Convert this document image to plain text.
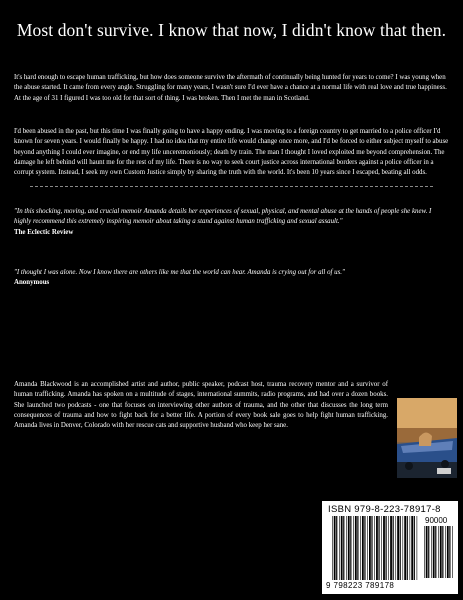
Most don't survive. I know that now, I didn't know that then.
It's hard enough to escape human trafficking, but how does someone survive the aftermath of continually being hunted for years to come? I was young when the abuse started. It came from every angle. Struggling for many years, I wasn't sure I'd ever have a chance at a normal life with real love and true happiness. At the age of 31 I figured I was too old for that sort of thing. I was broken. Then I met the man in Scotland.
I'd been abused in the past, but this time I was finally going to have a happy ending. I was moving to a foreign country to get married to a police officer I'd known for seven years. I would finally be happy. I had no idea that my entire life would change once more, and I'd be forced to either subject myself to abuse beyond anything I could ever imagine, or end my life unceremoniously; death by train. The man I thought I loved exploited me beyond comprehension. The damage he left behind will haunt me for the rest of my life. There is no way to seek court justice across international borders against a police officer in a corrupt system. Instead, I seek my own Custom Justice simply by sharing the truth with the world. It's been 10 years since I escaped, beating all odds.
"In this shocking, moving, and crucial memoir Amanda details her experiences of sexual, physical, and mental abuse at the hands of people she knew. I highly recommend this extremely inspiring memoir about taking a stand against human trafficking and sexual assault."
The Eclectic Review
"I thought I was alone. Now I know there are others like me that the world can hear. Amanda is crying out for all of us."
Anonymous
Amanda Blackwood is an accomplished artist and author, public speaker, podcast host, trauma recovery mentor and a survivor of human trafficking. Amanda has spoken on a multitude of stages, international summits, radio programs, and had over a dozen books. She launched two podcasts - one that focuses on interviewing other authors of trauma, and the other that discusses the long term consequences of trauma and how to fight back for a better life. A portion of every book sale goes to help fight human trafficking. Amanda lives in Denver, Colorado with her rescue cats and supportive husband who keep her sane.
ISBN 979-8-223-78917-8
90000
9 798223 789178
